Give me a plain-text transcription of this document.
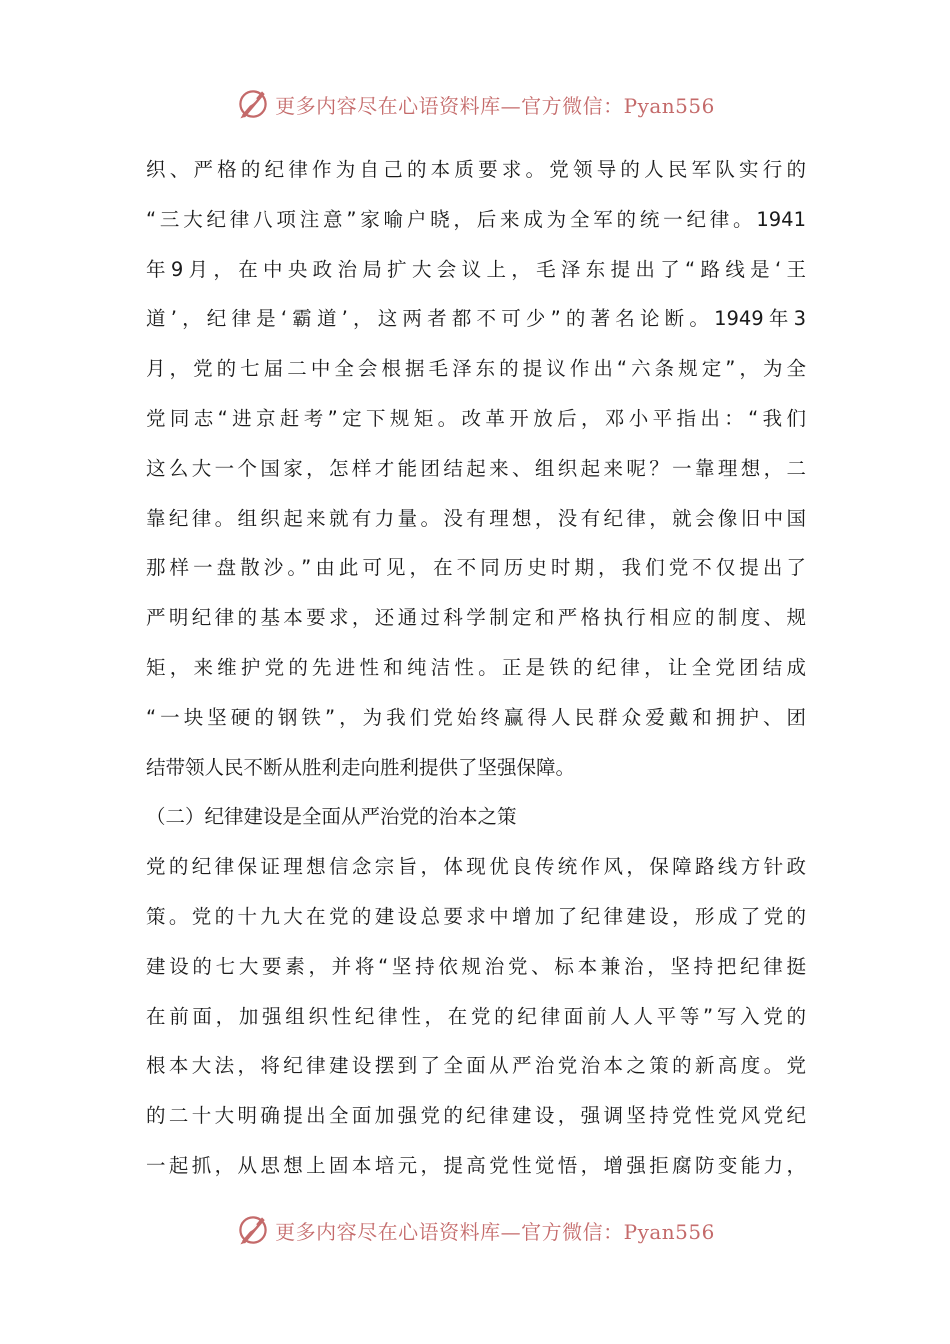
更多内容尽在心语资料库—官方微信：Pyan556
织、严格的纪律作为自己的本质要求。党领导的人民军队实行的
“三大纪律八项注意”家喻户晓，后来成为全军的统一纪律。1941
年9月，在中央政治局扩大会议上，毛泽东提出了“路线是‘王
道’，纪律是‘霸道’，这两者都不可少”的著名论断。1949年3
月，党的七届二中全会根据毛泽东的提议作出“六条规定”，为全
党同志“进京赶考”定下规矩。改革开放后，邓小平指出：“我们
这么大一个国家，怎样才能团结起来、组织起来呢？一靠理想，二
靠纪律。组织起来就有力量。没有理想，没有纪律，就会像旧中国
那样一盘散沙。”由此可见，在不同历史时期，我们党不仅提出了
严明纪律的基本要求，还通过科学制定和严格执行相应的制度、规
矩，来维护党的先进性和纯洁性。正是铁的纪律，让全党团结成
“一块坚硬的钢铁”，为我们党始终赢得人民群众爱戴和拥护、团
结带领人民不断从胜利走向胜利提供了坚强保障。
（二）纪律建设是全面从严治党的治本之策
党的纪律保证理想信念宗旨，体现优良传统作风，保障路线方针政
策。党的十九大在党的建设总要求中增加了纪律建设，形成了党的
建设的七大要素，并将“坚持依规治党、标本兼治，坚持把纪律挺
在前面，加强组织性纪律性，在党的纪律面前人人平等”写入党的
根本大法，将纪律建设摆到了全面从严治党治本之策的新高度。党
的二十大明确提出全面加强党的纪律建设，强调坚持党性党风党纪
一起抓，从思想上固本培元，提高党性觉悟，增强拒腐防变能力，
更多内容尽在心语资料库—官方微信：Pyan556
